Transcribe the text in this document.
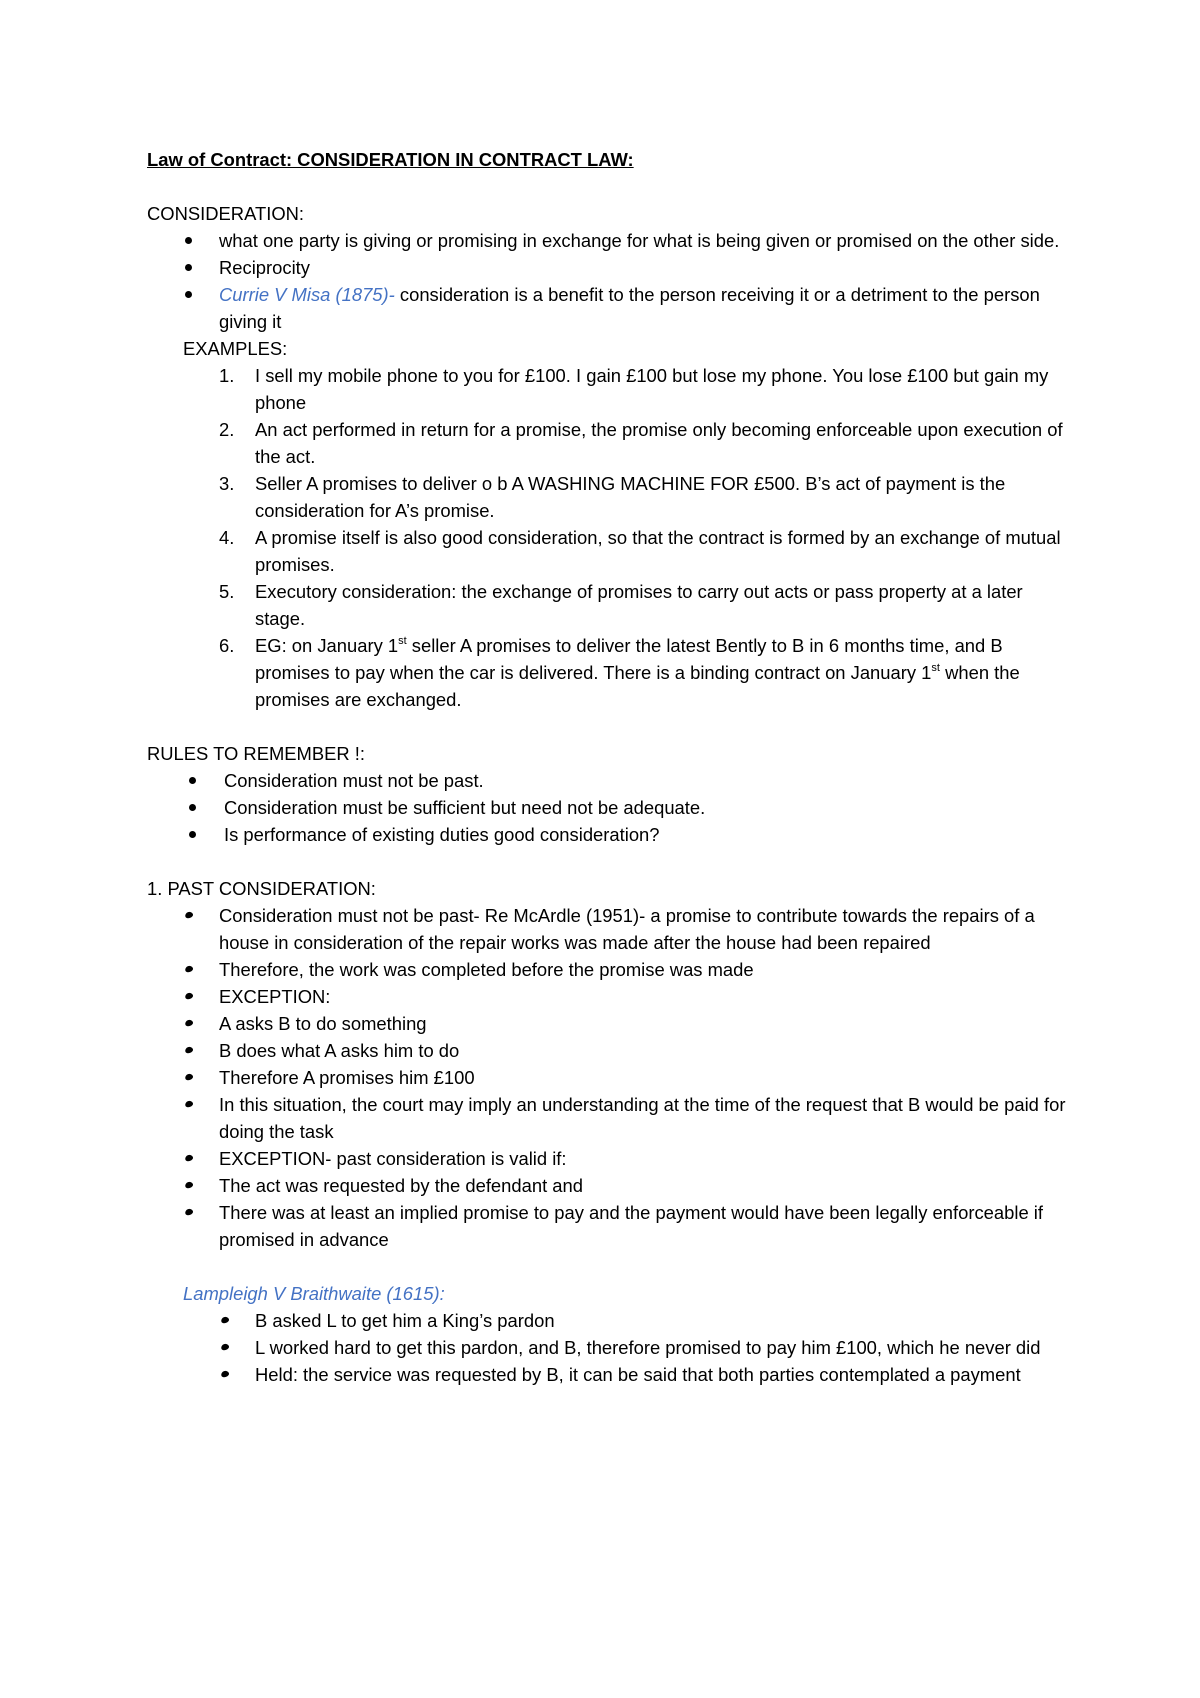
Law of Contract: CONSIDERATION IN CONTRACT LAW:
CONSIDERATION:
what one party is giving or promising in exchange for what is being given or promised on the other side.
Reciprocity
Currie V Misa (1875)- consideration is a benefit to the person receiving it or a detriment to the person giving it
EXAMPLES:
1. I sell my mobile phone to you for £100. I gain £100 but lose my phone. You lose £100 but gain my phone
2. An act performed in return for a promise, the promise only becoming enforceable upon execution of the act.
3. Seller A promises to deliver o b A WASHING MACHINE FOR £500. B’s act of payment is the consideration for A’s promise.
4. A promise itself is also good consideration, so that the contract is formed by an exchange of mutual promises.
5. Executory consideration: the exchange of promises to carry out acts or pass property at a later stage.
6. EG: on January 1st seller A promises to deliver the latest Bently to B in 6 months time, and B promises to pay when the car is delivered. There is a binding contract on January 1st when the promises are exchanged.
RULES TO REMEMBER !:
Consideration must not be past.
Consideration must be sufficient but need not be adequate.
Is performance of existing duties good consideration?
1. PAST CONSIDERATION:
Consideration must not be past- Re McArdle (1951)- a promise to contribute towards the repairs of a house in consideration of the repair works was made after the house had been repaired
Therefore, the work was completed before the promise was made
EXCEPTION:
A asks B to do something
B does what A asks him to do
Therefore A promises him £100
In this situation, the court may imply an understanding at the time of the request that B would be paid for doing the task
EXCEPTION- past consideration is valid if:
The act was requested by the defendant and
There was at least an implied promise to pay and the payment would have been legally enforceable if promised in advance
Lampleigh V Braithwaite (1615):
B asked L to get him a King’s pardon
L worked hard to get this pardon, and B, therefore promised to pay him £100, which he never did
Held: the service was requested by B, it can be said that both parties contemplated a payment
